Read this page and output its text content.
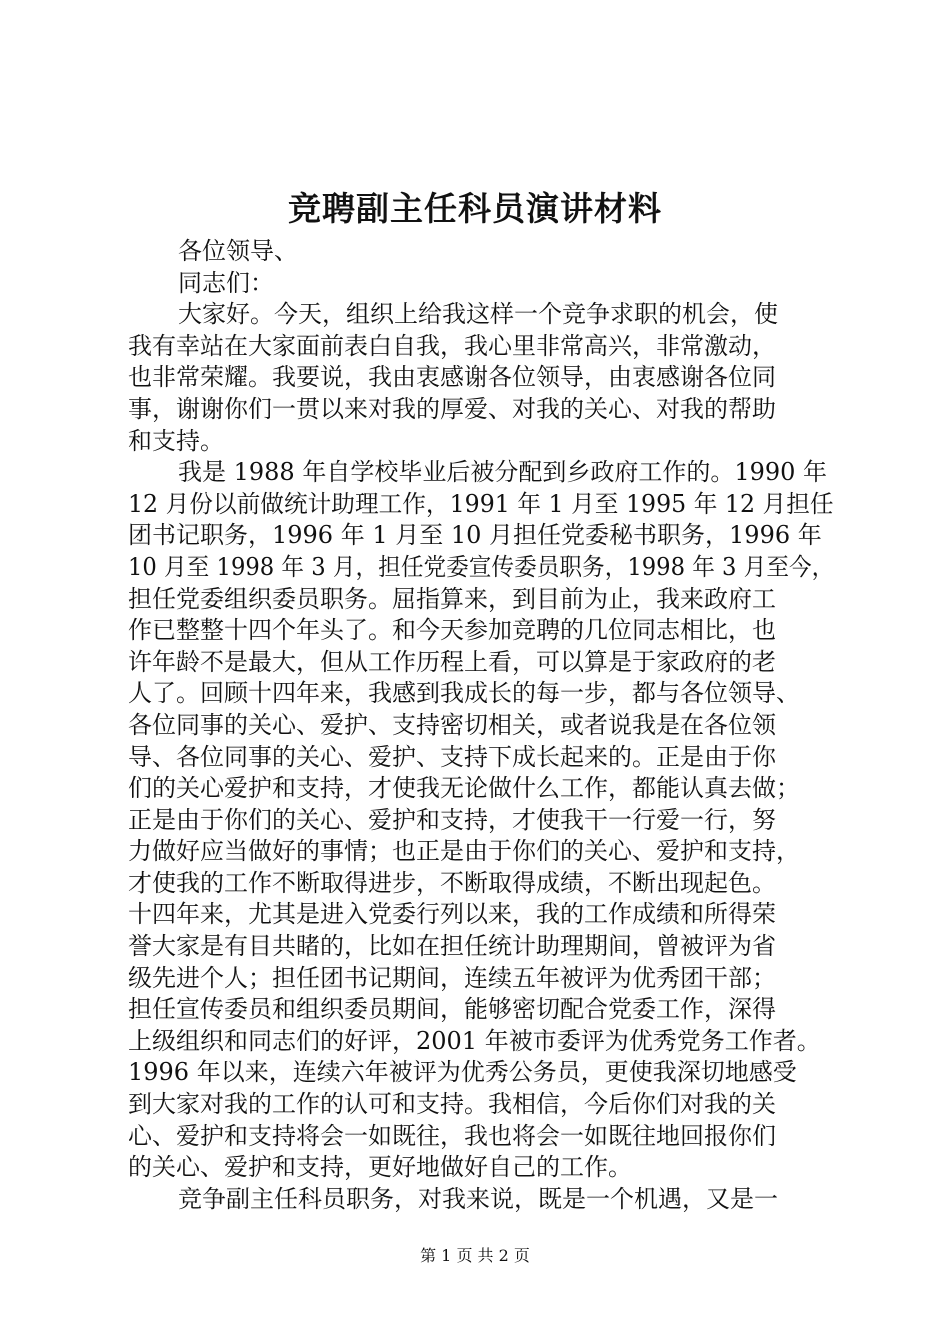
竞聘副主任科员演讲材料
各位领导、
同志们：
大家好。今天，组织上给我这样一个竞争求职的机会，使
我有幸站在大家面前表白自我，我心里非常高兴，非常激动，
也非常荣耀。我要说，我由衷感谢各位领导，由衷感谢各位同
事，谢谢你们一贯以来对我的厚爱、对我的关心、对我的帮助
和支持。
我是 1988 年自学校毕业后被分配到乡政府工作的。1990 年
12 月份以前做统计助理工作，1991 年 1 月至 1995 年 12 月担任
团书记职务，1996 年 1 月至 10 月担任党委秘书职务，1996 年
10 月至 1998 年 3 月，担任党委宣传委员职务，1998 年 3 月至今，
担任党委组织委员职务。屈指算来，到目前为止，我来政府工
作已整整十四个年头了。和今天参加竞聘的几位同志相比，也
许年龄不是最大，但从工作历程上看，可以算是于家政府的老
人了。回顾十四年来，我感到我成长的每一步，都与各位领导、
各位同事的关心、爱护、支持密切相关，或者说我是在各位领
导、各位同事的关心、爱护、支持下成长起来的。正是由于你
们的关心爱护和支持，才使我无论做什么工作，都能认真去做；
正是由于你们的关心、爱护和支持，才使我干一行爱一行，努
力做好应当做好的事情；也正是由于你们的关心、爱护和支持，
才使我的工作不断取得进步，不断取得成绩，不断出现起色。
十四年来，尤其是进入党委行列以来，我的工作成绩和所得荣
誉大家是有目共睹的，比如在担任统计助理期间，曾被评为省
级先进个人；担任团书记期间，连续五年被评为优秀团干部；
担任宣传委员和组织委员期间，能够密切配合党委工作，深得
上级组织和同志们的好评，2001 年被市委评为优秀党务工作者。
1996 年以来，连续六年被评为优秀公务员，更使我深切地感受
到大家对我的工作的认可和支持。我相信，今后你们对我的关
心、爱护和支持将会一如既往，我也将会一如既往地回报你们
的关心、爱护和支持，更好地做好自己的工作。
竞争副主任科员职务，对我来说，既是一个机遇，又是一
第 1 页 共 2 页
